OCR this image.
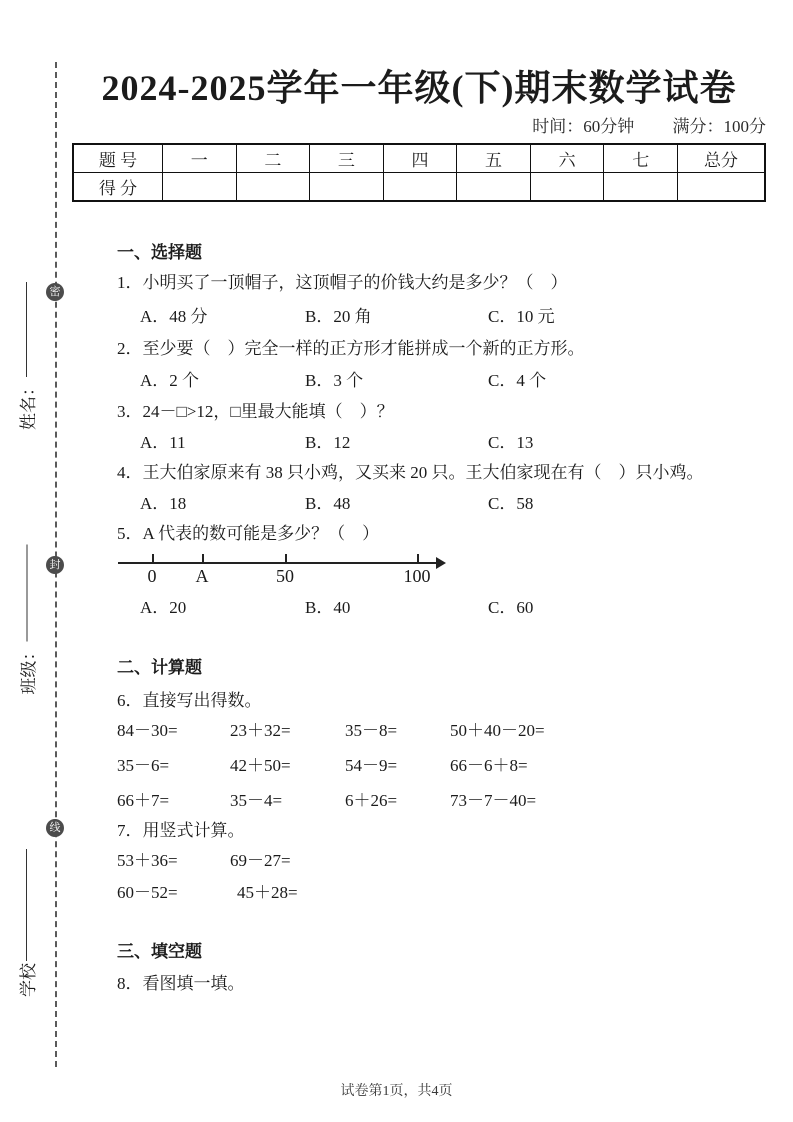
密
封
线
姓名：
班级：
学校
2024-2025学年一年级(下)期末数学试卷
时间：60分钟 满分：100分
题 号	一	二	三	四	五	六	七	总分
得 分								
一、选择题
1．小明买了一顶帽子，这顶帽子的价钱大约是多少？（　）
A．48 分	B．20 角	C．10 元
2．至少要（　）完全一样的正方形才能拼成一个新的正方形。
A．2 个	B．3 个	C．4 个
3．24－□>12，□里最大能填（　）？
A．11	B．12	C．13
4．王大伯家原来有 38 只小鸡，又买来 20 只。王大伯家现在有（　）只小鸡。
A．18	B．48	C．58
5．A 代表的数可能是多少？（　）
0	A	50	100
A．20	B．40	C．60
二、计算题
6．直接写出得数。
84－30=	23＋32=	35－8=	50＋40－20=
35－6=	42＋50=	54－9=	66－6＋8=
66＋7=	35－4=	6＋26=	73－7－40=
7．用竖式计算。
53＋36=	69－27=
60－52=	45＋28=
三、填空题
8．看图填一填。
试卷第1页，共4页
